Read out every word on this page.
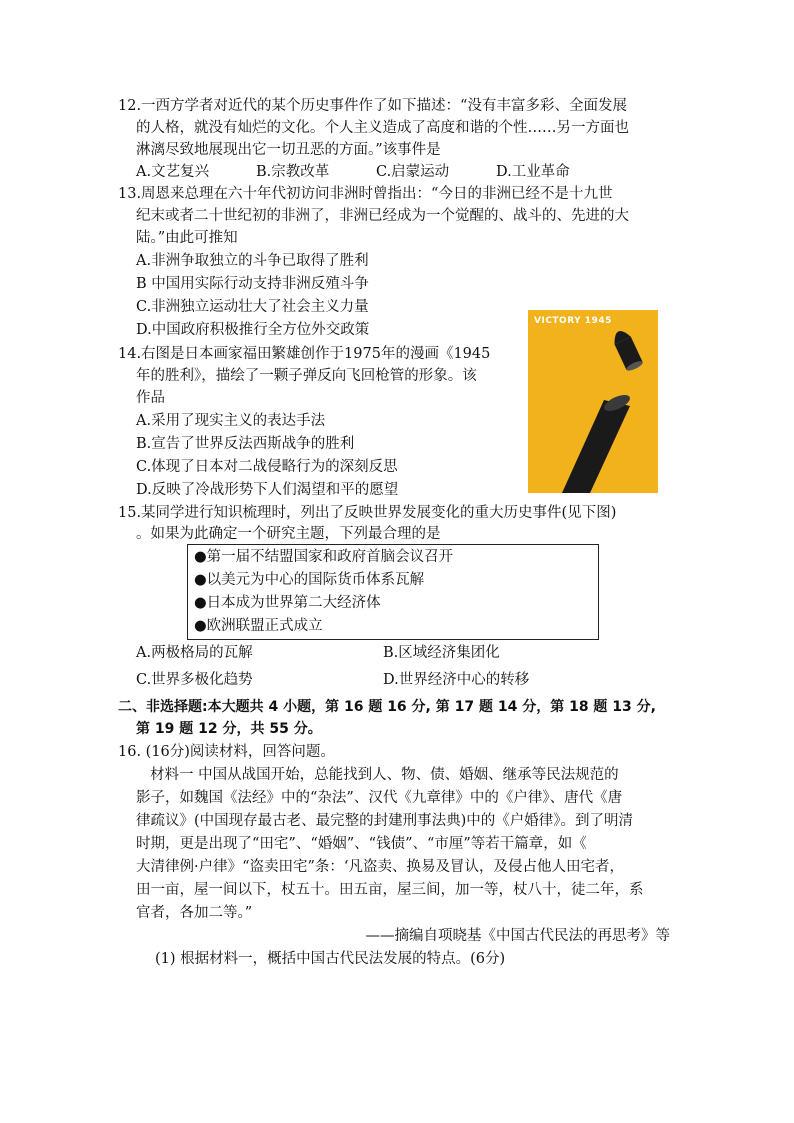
12.一西方学者对近代的某个历史事件作了如下描述：“没有丰富多彩、全面发展
的人格，就没有灿烂的文化。个人主义造成了高度和谐的个性……另一方面也
淋漓尽致地展现出它一切丑恶的方面。”该事件是
A.文艺复兴	B.宗教改革	C.启蒙运动	D.工业革命
13.周恩来总理在六十年代初访问非洲时曾指出：“今日的非洲已经不是十九世
纪末或者二十世纪初的非洲了，非洲已经成为一个觉醒的、战斗的、先进的大
陆。”由此可推知
A.非洲争取独立的斗争已取得了胜利
B 中国用实际行动支持非洲反殖斗争
C.非洲独立运动壮大了社会主义力量
D.中国政府积极推行全方位外交政策
VICTORY 1945
14.右图是日本画家福田繁雄创作于1975年的漫画《1945
年的胜利》，描绘了一颗子弹反向飞回枪管的形象。该
作品
A.采用了现实主义的表达手法
B.宣告了世界反法西斯战争的胜利
C.体现了日本对二战侵略行为的深刻反思
D.反映了冷战形势下人们渴望和平的愿望
15.某同学进行知识梳理时，列出了反映世界发展变化的重大历史事件(见下图)
。如果为此确定一个研究主题，下列最合理的是
●第一届不结盟国家和政府首脑会议召开
●以美元为中心的国际货币体系瓦解
●日本成为世界第二大经济体
●欧洲联盟正式成立
A.两极格局的瓦解	B.区域经济集团化
C.世界多极化趋势	D.世界经济中心的转移
二、非选择题:本大题共 4 小题，第 16 题 16 分, 第 17 题 14 分，第 18 题 13 分,
第 19 题 12 分，共 55 分。
16. (16分)阅读材料，回答问题。
材料一 中国从战国开始，总能找到人、物、债、婚姻、继承等民法规范的
影子，如魏国《法经》中的“杂法”、汉代《九章律》中的《户律》、唐代《唐
律疏议》(中国现存最古老、最完整的封建刑事法典)中的《户婚律》。到了明清
时期，更是出现了“田宅”、“婚姻”、“钱债”、“市厘”等若干篇章，如《
大清律例·户律》“盗卖田宅”条：‘凡盗卖、换易及冒认，及侵占他人田宅者，
田一亩，屋一间以下，杖五十。田五亩，屋三间，加一等，杖八十，徒二年，系
官者，各加二等。”
——摘编自项晓基《中国古代民法的再思考》等
(1) 根据材料一，概括中国古代民法发展的特点。(6分)
